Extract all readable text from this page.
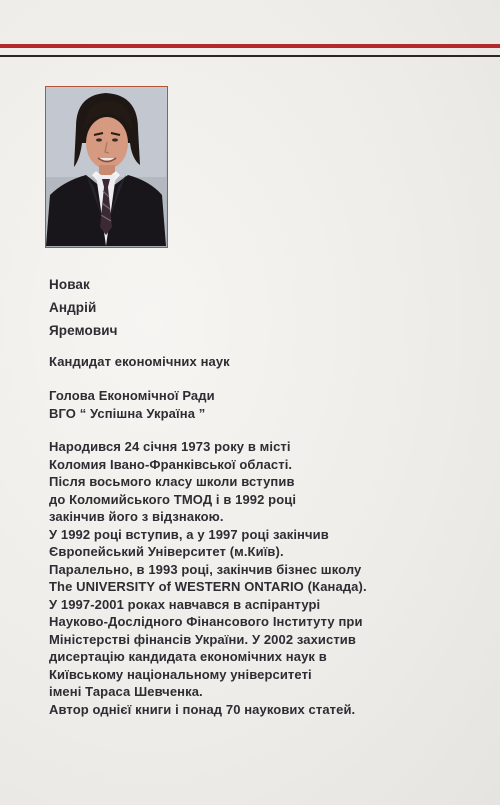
Новак
Андрій
Яремович
Кандидат економічних наук
Голова Економічної Ради
ВГО “ Успішна Україна ”
Народився 24 січня 1973 року в місті
Коломия Івано-Франківської області.
Після восьмого класу школи вступив
до Коломийського ТМОД і в 1992 році
закінчив його з відзнакою.
У 1992 році вступив, а у 1997 році закінчив
Європейський Університет (м.Київ).
Паралельно, в 1993 році, закінчив бізнес школу
The UNIVERSITY of WESTERN ONTARIO (Канада).
У 1997-2001 роках навчався в аспірантурі
Науково-Дослідного Фінансового Інституту при
Міністерстві фінансів України. У 2002 захистив
дисертацію кандидата економічних наук в
Київському національному університеті
імені Тараса Шевченка.
Автор однієї книги і понад 70 наукових статей.
